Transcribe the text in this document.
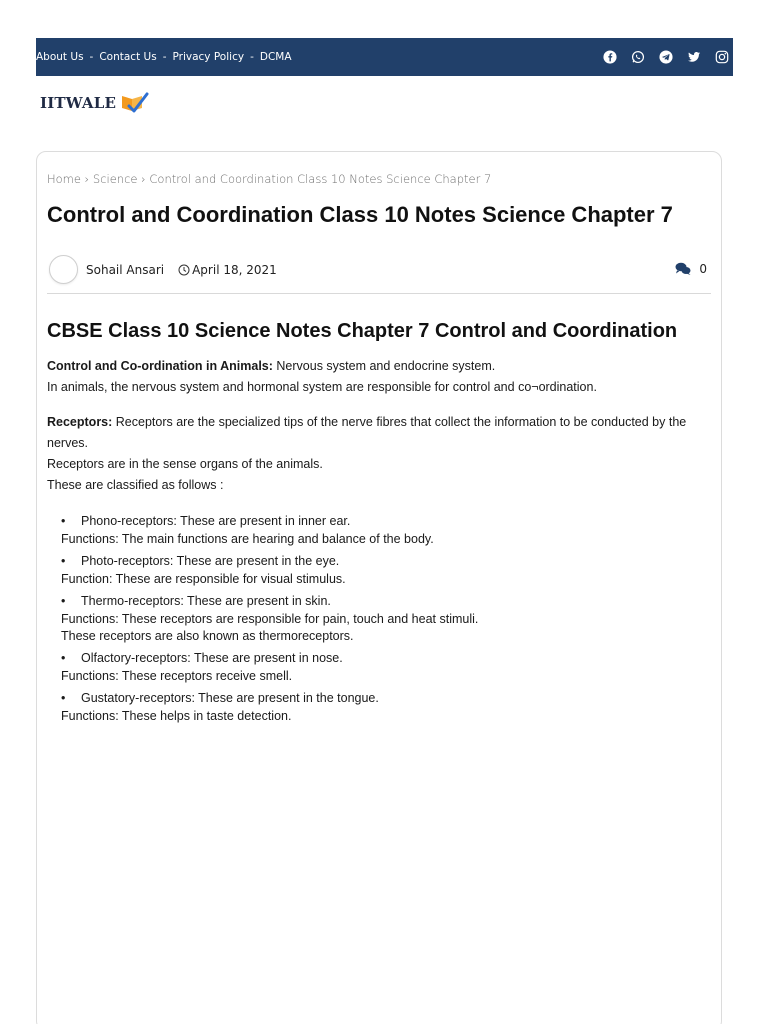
About Us - Contact Us - Privacy Policy - DCMA
IITWALE
Home › Science › Control and Coordination Class 10 Notes Science Chapter 7
Control and Coordination Class 10 Notes Science Chapter 7
Sohail Ansari April 18, 2021	0
CBSE Class 10 Science Notes Chapter 7 Control and Coordination
Control and Co-ordination in Animals: Nervous system and endocrine system.
In animals, the nervous system and hormonal system are responsible for control and co¬ordination.
Receptors: Receptors are the specialized tips of the nerve fibres that collect the information to be conducted by the nerves.
Receptors are in the sense organs of the animals.
These are classified as follows :
• Phono-receptors: These are present in inner ear.
Functions: The main functions are hearing and balance of the body.
• Photo-receptors: These are present in the eye.
Function: These are responsible for visual stimulus.
• Thermo-receptors: These are present in skin.
Functions: These receptors are responsible for pain, touch and heat stimuli.
These receptors are also known as thermoreceptors.
• Olfactory-receptors: These are present in nose.
Functions: These receptors receive smell.
• Gustatory-receptors: These are present in the tongue.
Functions: These helps in taste detection.
